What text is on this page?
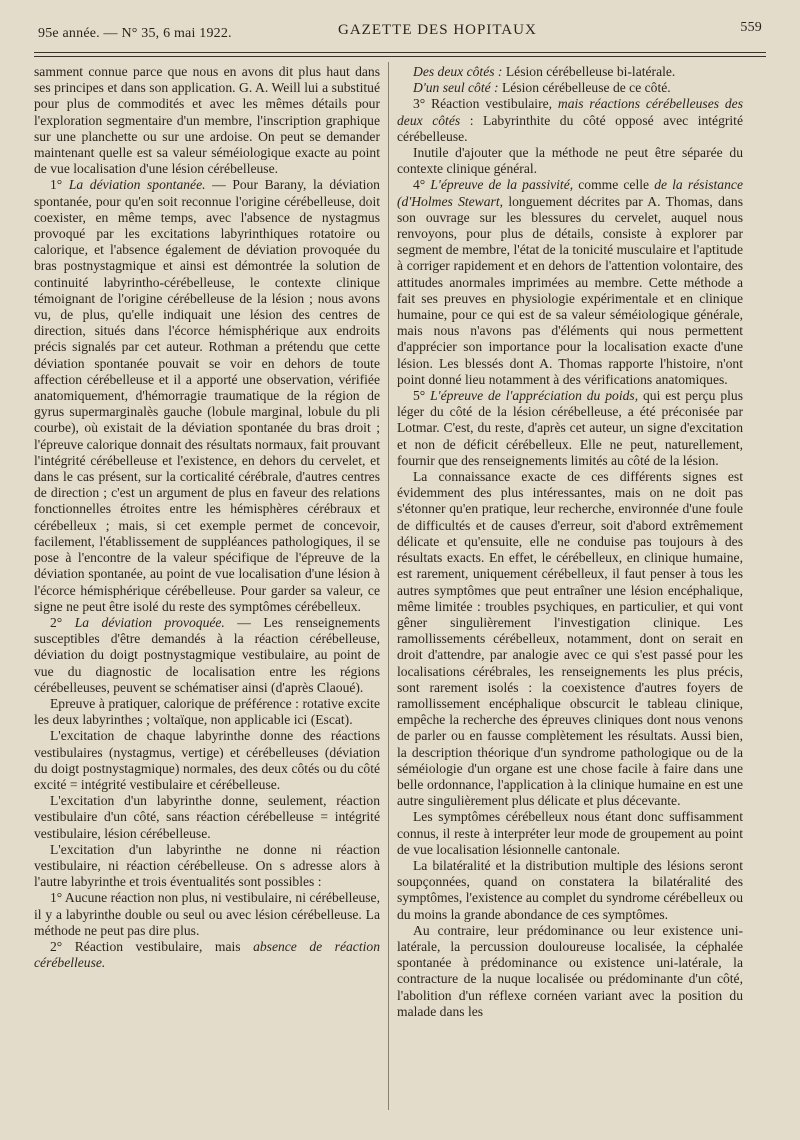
95e année. — N° 35, 6 mai 1922.	GAZETTE DES HOPITAUX	559

samment connue parce que nous en avons dit plus haut dans ses principes et dans son application. G. A. Weill lui a substitué pour plus de commodités et avec les mêmes détails pour l'exploration segmentaire d'un membre, l'inscription graphique sur une planchette ou sur une ardoise. On peut se demander maintenant quelle est sa valeur séméiologique exacte au point de vue localisation d'une lésion cérébelleuse.

1° La déviation spontanée. — Pour Barany, la déviation spontanée, pour qu'en soit reconnue l'origine cérébelleuse, doit coexister, en même temps, avec l'absence de nystagmus provoqué par les excitations labyrinthiques rotatoire ou calorique, et l'absence également de déviation provoquée du bras postnystagmique et ainsi est démontrée la solution de continuité labyrintho-cérébelleuse, le contexte clinique témoignant de l'origine cérébelleuse de la lésion ; nous avons vu, de plus, qu'elle indiquait une lésion des centres de direction, situés dans l'écorce hémisphérique aux endroits précis signalés par cet auteur. Rothman a prétendu que cette déviation spontanée pouvait se voir en dehors de toute affection cérébelleuse et il a apporté une observation, vérifiée anatomiquement, d'hémorragie traumatique de la région de gyrus supermarginalès gauche (lobule marginal, lobule du pli courbe), où existait de la déviation spontanée du bras droit ; l'épreuve calorique donnait des résultats normaux, fait prouvant l'intégrité cérébelleuse et l'existence, en dehors du cervelet, et dans le cas présent, sur la corticalité cérébrale, d'autres centres de direction ; c'est un argument de plus en faveur des relations fonctionnelles étroites entre les hémisphères cérébraux et cérébelleux ; mais, si cet exemple permet de concevoir, facilement, l'établissement de suppléances pathologiques, il se pose à l'encontre de la valeur spécifique de l'épreuve de la déviation spontanée, au point de vue localisation d'une lésion à l'écorce hémisphérique cérébelleuse. Pour garder sa valeur, ce signe ne peut être isolé du reste des symptômes cérébelleux.

2° La déviation provoquée. — Les renseignements susceptibles d'être demandés à la réaction cérébelleuse, déviation du doigt postnystagmique vestibulaire, au point de vue du diagnostic de localisation entre les régions cérébelleuses, peuvent se schématiser ainsi (d'après Claoué).

Epreuve à pratiquer, calorique de préférence : rotative excite les deux labyrinthes ; voltaïque, non applicable ici (Escat).

L'excitation de chaque labyrinthe donne des réactions vestibulaires (nystagmus, vertige) et cérébelleuses (déviation du doigt postnystagmique) normales, des deux côtés ou du côté excité = intégrité vestibulaire et cérébelleuse.

L'excitation d'un labyrinthe donne, seulement, réaction vestibulaire d'un côté, sans réaction cérébelleuse = intégrité vestibulaire, lésion cérébelleuse.

L'excitation d'un labyrinthe ne donne ni réaction vestibulaire, ni réaction cérébelleuse. On s adresse alors à l'autre labyrinthe et trois éventualités sont possibles :

1° Aucune réaction non plus, ni vestibulaire, ni cérébelleuse, il y a labyrinthe double ou seul ou avec lésion cérébelleuse. La méthode ne peut pas dire plus.

2° Réaction vestibulaire, mais absence de réaction cérébelleuse.

Des deux côtés : Lésion cérébelleuse bi-latérale.

D'un seul côté : Lésion cérébelleuse de ce côté.

3° Réaction vestibulaire, mais réactions cérébelleuses des deux côtés : Labyrinthite du côté opposé avec intégrité cérébelleuse.

Inutile d'ajouter que la méthode ne peut être séparée du contexte clinique général.

4° L'épreuve de la passivité, comme celle de la résistance (d'Holmes Stewart, longuement décrites par A. Thomas, dans son ouvrage sur les blessures du cervelet, auquel nous renvoyons, pour plus de détails, consiste à explorer par segment de membre, l'état de la tonicité musculaire et l'aptitude à corriger rapidement et en dehors de l'attention volontaire, des attitudes anormales imprimées au membre. Cette méthode a fait ses preuves en physiologie expérimentale et en clinique humaine, pour ce qui est de sa valeur séméiologique générale, mais nous n'avons pas d'éléments qui nous permettent d'apprécier son importance pour la localisation exacte d'une lésion. Les blessés dont A. Thomas rapporte l'histoire, n'ont point donné lieu notamment à des vérifications anatomiques.

5° L'épreuve de l'appréciation du poids, qui est perçu plus léger du côté de la lésion cérébelleuse, a été préconisée par Lotmar. C'est, du reste, d'après cet auteur, un signe d'excitation et non de déficit cérébelleux. Elle ne peut, naturellement, fournir que des renseignements limités au côté de la lésion.

La connaissance exacte de ces différents signes est évidemment des plus intéressantes, mais on ne doit pas s'étonner qu'en pratique, leur recherche, environnée d'une foule de difficultés et de causes d'erreur, soit d'abord extrêmement délicate et qu'ensuite, elle ne conduise pas toujours à des résultats exacts. En effet, le cérébelleux, en clinique humaine, est rarement, uniquement cérébelleux, il faut penser à tous les autres symptômes que peut entraîner une lésion encéphalique, même limitée : troubles psychiques, en particulier, et qui vont gêner singulièrement l'investigation clinique. Les ramollissements cérébelleux, notamment, dont on serait en droit d'attendre, par analogie avec ce qui s'est passé pour les localisations cérébrales, les renseignements les plus précis, sont rarement isolés : la coexistence d'autres foyers de ramollissement encéphalique obscurcit le tableau clinique, empêche la recherche des épreuves cliniques dont nous venons de parler ou en fausse complètement les résultats. Aussi bien, la description théorique d'un syndrome pathologique ou de la séméiologie d'un organe est une chose facile à faire dans une belle ordonnance, l'application à la clinique humaine en est une autre singulièrement plus délicate et plus décevante.

Les symptômes cérébelleux nous étant donc suffisamment connus, il reste à interpréter leur mode de groupement au point de vue localisation lésionnelle cantonale.

La bilatéralité et la distribution multiple des lésions seront soupçonnées, quand on constatera la bilatéralité des symptômes, l'existence au complet du syndrome cérébelleux ou du moins la grande abondance de ces symptômes.

Au contraire, leur prédominance ou leur existence uni-latérale, la percussion douloureuse localisée, la céphalée spontanée à prédominance ou existence uni-latérale, la contracture de la nuque localisée ou prédominante d'un côté, l'abolition d'un réflexe cornéen variant avec la position du malade dans les
